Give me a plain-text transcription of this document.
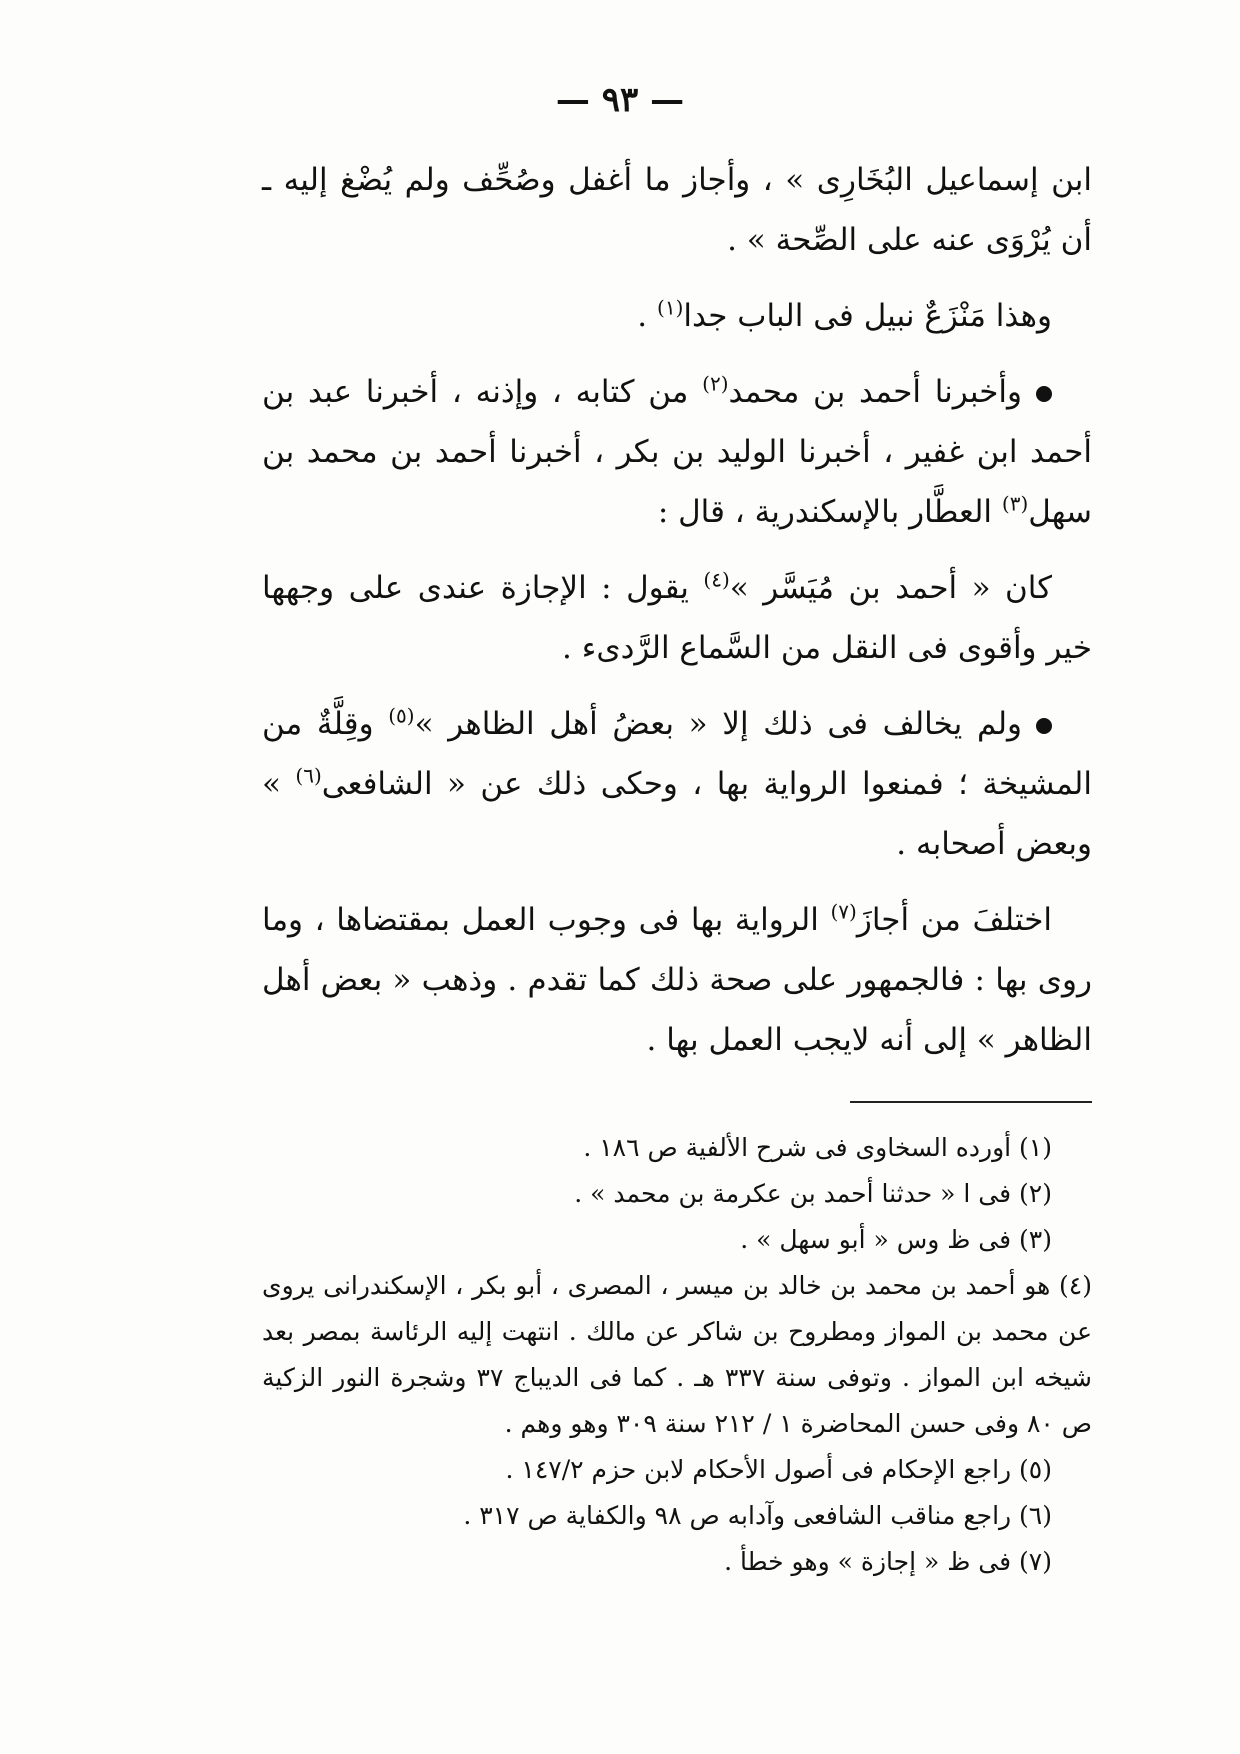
— ٩٣ —

ابن إسماعيل البُخَارِى » ، وأجاز ما أغفل وصُحِّف ولم يُضْغ إليه ـ أن يُرْوَى عنه على الصِّحة » .

وهذا مَنْزَعٌ نبيل فى الباب جدا$^{(١)}$ .

وأخبرنا أحمد بن محمد$^{(٢)}$ من كتابه ، وإذنه ، أخبرنا عبد بن أحمد ابن غفير ، أخبرنا الوليد بن بكر ، أخبرنا أحمد بن محمد بن سهل$^{(٣)}$ العطَّار بالإسكندرية ، قال :

كان « أحمد بن مُيَسَّر »$^{(٤)}$ يقول : الإجازة عندى على وجهها خير وأقوى فى النقل من السَّماع الرَّدىء .

ولم يخالف فى ذلك إلا « بعضُ أهل الظاهر »$^{(٥)}$ وقِلَّةٌ من المشيخة ؛ فمنعوا الرواية بها ، وحكى ذلك عن « الشافعى$^{(٦)}$ » وبعض أصحابه .

اختلفَ من أجازَ$^{(٧)}$ الرواية بها فى وجوب العمل بمقتضاها ، وما روى بها : فالجمهور على صحة ذلك كما تقدم . وذهب « بعض أهل الظاهر » إلى أنه لايجب العمل بها .

(١) أورده السخاوى فى شرح الألفية ص ١٨٦ .

(٢) فى ا « حدثنا أحمد بن عكرمة بن محمد » .

(٣) فى ظ وس « أبو سهل » .

(٤) هو أحمد بن محمد بن خالد بن ميسر ، المصرى ، أبو بكر ، الإسكندرانى يروى عن محمد بن المواز ومطروح بن شاكر عن مالك . انتهت إليه الرئاسة بمصر بعد شيخه ابن المواز . وتوفى سنة ٣٣٧ هـ . كما فى الديباج ٣٧ وشجرة النور الزكية ص ٨٠ وفى حسن المحاضرة ١ / ٢١٢ سنة ٣٠٩ وهو وهم .

(٥) راجع الإحكام فى أصول الأحكام لابن حزم ١٤٧/٢ .

(٦) راجع مناقب الشافعى وآدابه ص ٩٨ والكفاية ص ٣١٧ .

(٧) فى ظ « إجازة » وهو خطأ .
